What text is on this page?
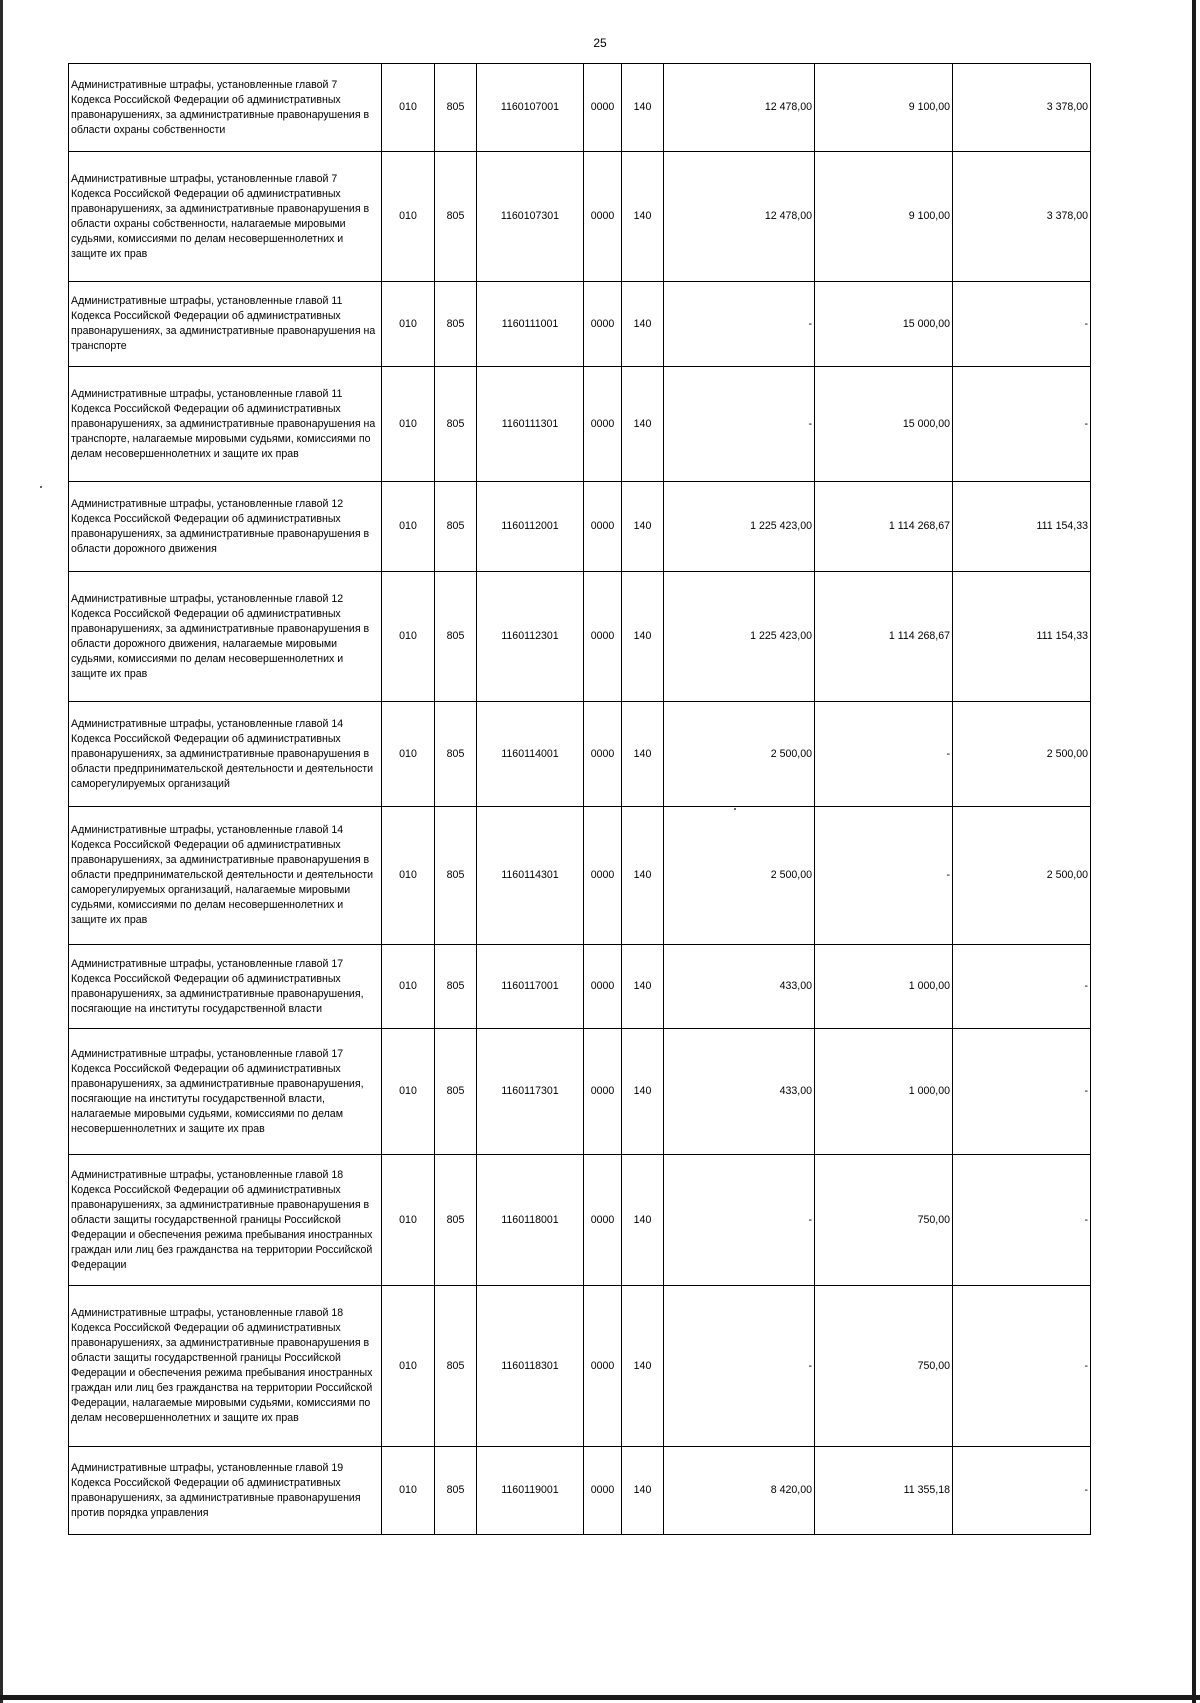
25
Административные штрафы, установленные главой 7 Кодекса Российской Федерации об административных правонарушениях, за административные правонарушения в области охраны собственности	010	805	1160107001	0000	140	12 478,00	9 100,00	3 378,00
Административные штрафы, установленные главой 7 Кодекса Российской Федерации об административных правонарушениях, за административные правонарушения в области охраны собственности, налагаемые мировыми судьями, комиссиями по делам несовершеннолетних и защите их прав	010	805	1160107301	0000	140	12 478,00	9 100,00	3 378,00
Административные штрафы, установленные главой 11 Кодекса Российской Федерации об административных правонарушениях, за административные правонарушения на транспорте	010	805	1160111001	0000	140	-	15 000,00	-
Административные штрафы, установленные главой 11 Кодекса Российской Федерации об административных правонарушениях, за административные правонарушения на транспорте, налагаемые мировыми судьями, комиссиями по делам несовершеннолетних и защите их прав	010	805	1160111301	0000	140	-	15 000,00	-
Административные штрафы, установленные главой 12 Кодекса Российской Федерации об административных правонарушениях, за административные правонарушения в области дорожного движения	010	805	1160112001	0000	140	1 225 423,00	1 114 268,67	111 154,33
Административные штрафы, установленные главой 12 Кодекса Российской Федерации об административных правонарушениях, за административные правонарушения в области дорожного движения, налагаемые мировыми судьями, комиссиями по делам несовершеннолетних и защите их прав	010	805	1160112301	0000	140	1 225 423,00	1 114 268,67	111 154,33
Административные штрафы, установленные главой 14 Кодекса Российской Федерации об административных правонарушениях, за административные правонарушения в области предпринимательской деятельности и деятельности саморегулируемых организаций	010	805	1160114001	0000	140	2 500,00	-	2 500,00
Административные штрафы, установленные главой 14 Кодекса Российской Федерации об административных правонарушениях, за административные правонарушения в области предпринимательской деятельности и деятельности саморегулируемых организаций, налагаемые мировыми судьями, комиссиями по делам несовершеннолетних и защите их прав	010	805	1160114301	0000	140	2 500,00	-	2 500,00
Административные штрафы, установленные главой 17 Кодекса Российской Федерации об административных правонарушениях, за административные правонарушения, посягающие на институты государственной власти	010	805	1160117001	0000	140	433,00	1 000,00	-
Административные штрафы, установленные главой 17 Кодекса Российской Федерации об административных правонарушениях, за административные правонарушения, посягающие на институты государственной власти, налагаемые мировыми судьями, комиссиями по делам несовершеннолетних и защите их прав	010	805	1160117301	0000	140	433,00	1 000,00	-
Административные штрафы, установленные главой 18 Кодекса Российской Федерации об административных правонарушениях, за административные правонарушения в области защиты государственной границы Российской Федерации и обеспечения режима пребывания иностранных граждан или лиц без гражданства на территории Российской Федерации	010	805	1160118001	0000	140	-	750,00	-
Административные штрафы, установленные главой 18 Кодекса Российской Федерации об административных правонарушениях, за административные правонарушения в области защиты государственной границы Российской Федерации и обеспечения режима пребывания иностранных граждан или лиц без гражданства на территории Российской Федерации, налагаемые мировыми судьями, комиссиями по делам несовершеннолетних и защите их прав	010	805	1160118301	0000	140	-	750,00	-
Административные штрафы, установленные главой 19 Кодекса Российской Федерации об административных правонарушениях, за административные правонарушения против порядка управления	010	805	1160119001	0000	140	8 420,00	11 355,18	-
